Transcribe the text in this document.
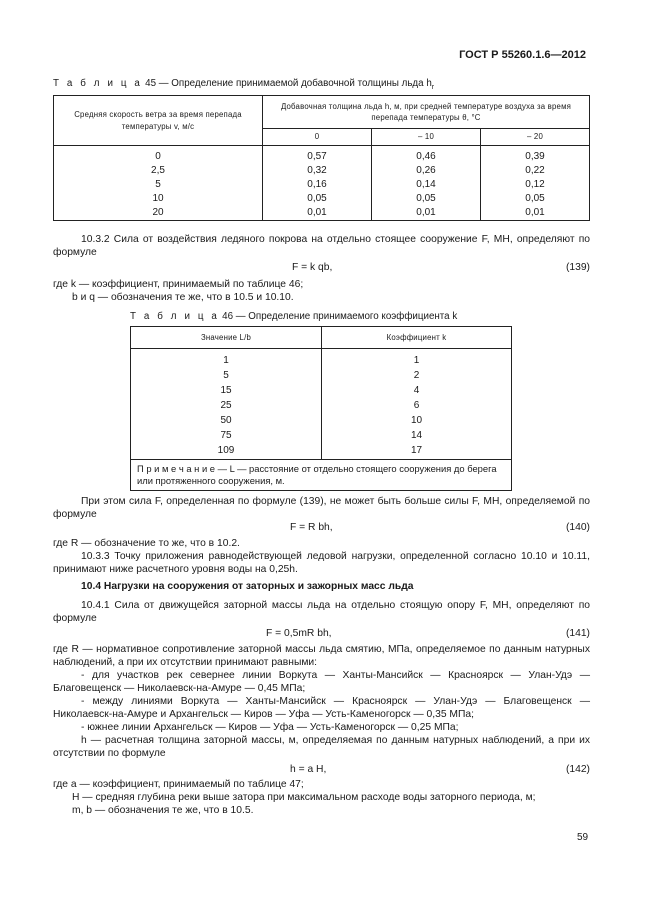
ГОСТ Р 55260.1.6—2012
Т а б л и ц а 45 — Определение принимаемой добавочной толщины льда $h_r$
Средняя скорость ветра за время перепада температуры v, м/с	Добавочная толщина льда h, м, при средней температуре воздуха за время перепада температуры θ, °С		
	0	– 10	– 20

0	0,57	0,46	0,39
2,5	0,32	0,26	0,22
5	0,16	0,14	0,12
10	0,05	0,05	0,05
20	0,01	0,01	0,01
10.3.2 Сила от воздействия ледяного покрова на отдельно стоящее сооружение F, МН, определяют по формуле
F = k qb,	(139)
где k — коэффициент, принимаемый по таблице 46;
b и q — обозначения те же, что в 10.5 и 10.10.
Т а б л и ц а 46 — Определение принимаемого коэффициента k
Значение L/b	Коэффициент k

1	1
5	2
15	4
25	6
50	10
75	14
109	17
П р и м е ч а н и е — L — расстояние от отдельно стоящего сооружения до берега или протяженного сооружения, м.	
При этом сила F, определенная по формуле (139), не может быть больше силы F, МН, определяемой по формуле
F = R bh,	(140)
где R — обозначение то же, что в 10.2.
10.3.3 Точку приложения равнодействующей ледовой нагрузки, определенной согласно 10.10 и 10.11, принимают ниже расчетного уровня воды на 0,25h.
10.4 Нагрузки на сооружения от заторных и зажорных масс льда
10.4.1 Сила от движущейся заторной массы льда на отдельно стоящую опору F, МН, определяют по формуле
F = 0,5mR bh,	(141)
где R — нормативное сопротивление заторной массы льда смятию, МПа, определяемое по данным натурных наблюдений, а при их отсутствии принимают равными:
- для участков рек севернее линии Воркута — Ханты-Мансийск — Красноярск — Улан-Удэ — Благовещенск — Николаевск-на-Амуре — 0,45 МПа;
- между линиями Воркута — Ханты-Мансийск — Красноярск — Улан-Удэ — Благовещенск — Николаевск-на-Амуре и Архангельск — Киров — Уфа — Усть-Каменогорск — 0,35 МПа;
- южнее линии Архангельск — Киров — Уфа — Усть-Каменогорск — 0,25 МПа;
h — расчетная толщина заторной массы, м, определяемая по данным натурных наблюдений, а при их отсутствии по формуле
h = a H,	(142)
где a — коэффициент, принимаемый по таблице 47;
H — средняя глубина реки выше затора при максимальном расходе воды заторного периода, м;
m, b — обозначения те же, что в 10.5.
59
